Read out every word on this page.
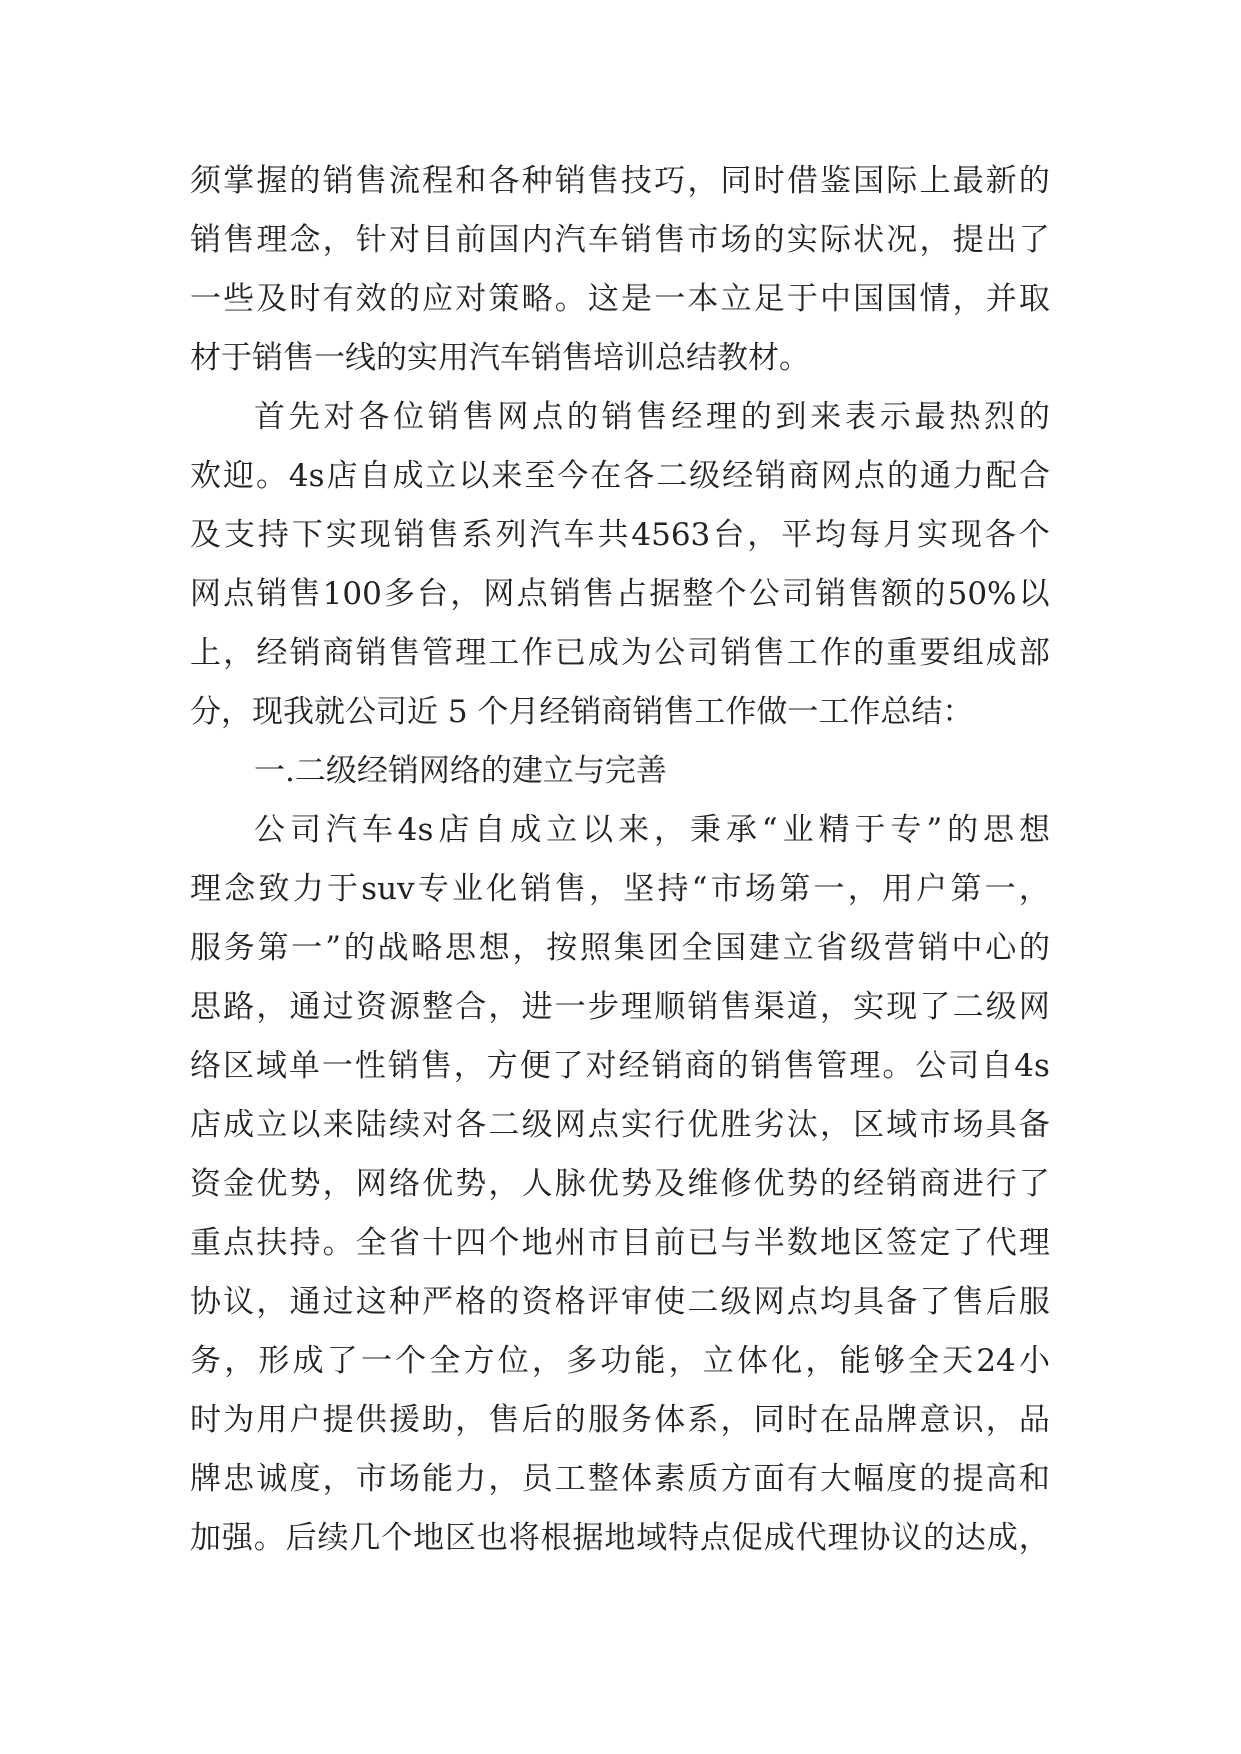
须 掌 握 的 销 售 流 程 和 各 种 销 售 技 巧 ， 同 时 借 鉴 国 际 上 最 新 的
销 售 理 念 ， 针 对 目 前 国 内 汽 车 销 售 市 场 的 实 际 状 况 ， 提 出 了
一 些 及 时 有 效 的 应 对 策 略 。 这 是 一 本 立 足 于 中 国 国 情 ， 并 取
材于销售一线的实用汽车销售培训总结教材。
首 先 对 各 位 销 售 网 点 的 销 售 经 理 的 到 来 表 示 最 热 烈 的
欢 迎 。 4s 店 自 成 立 以 来 至 今 在 各 二 级 经 销 商 网 点 的 通 力 配 合
及 支 持 下 实 现 销 售 系 列 汽 车 共 4563 台 ， 平 均 每 月 实 现 各 个
网 点 销 售 100 多 台 ， 网 点 销 售 占 据 整 个 公 司 销 售 额 的 50% 以
上 ， 经 销 商 销 售 管 理 工 作 已 成 为 公 司 销 售 工 作 的 重 要 组 成 部
分，现我就公司近 5 个月经销商销售工作做一工作总结：
一.二级经销网络的建立与完善
公 司 汽 车 4s 店 自 成 立 以 来 ， 秉 承 “ 业 精 于 专 ” 的 思 想
理 念 致 力 于 suv 专 业 化 销 售 ， 坚 持 “ 市 场 第 一 ， 用 户 第 一 ，
服 务 第 一 ” 的 战 略 思 想 ， 按 照 集 团 全 国 建 立 省 级 营 销 中 心 的
思 路 ， 通 过 资 源 整 合 ， 进 一 步 理 顺 销 售 渠 道 ， 实 现 了 二 级 网
络 区 域 单 一 性 销 售 ， 方 便 了 对 经 销 商 的 销 售 管 理 。 公 司 自 4s
店 成 立 以 来 陆 续 对 各 二 级 网 点 实 行 优 胜 劣 汰 ， 区 域 市 场 具 备
资 金 优 势 ， 网 络 优 势 ， 人 脉 优 势 及 维 修 优 势 的 经 销 商 进 行 了
重 点 扶 持 。 全 省 十 四 个 地 州 市 目 前 已 与 半 数 地 区 签 定 了 代 理
协 议 ， 通 过 这 种 严 格 的 资 格 评 审 使 二 级 网 点 均 具 备 了 售 后 服
务 ， 形 成 了 一 个 全 方 位 ， 多 功 能 ， 立 体 化 ， 能 够 全 天 24 小
时 为 用 户 提 供 援 助 ， 售 后 的 服 务 体 系 ， 同 时 在 品 牌 意 识 ， 品
牌 忠 诚 度 ， 市 场 能 力 ， 员 工 整 体 素 质 方 面 有 大 幅 度 的 提 高 和
加 强 。 后 续 几 个 地 区 也 将 根 据 地 域 特 点 促 成 代 理 协 议 的 达 成 ，
